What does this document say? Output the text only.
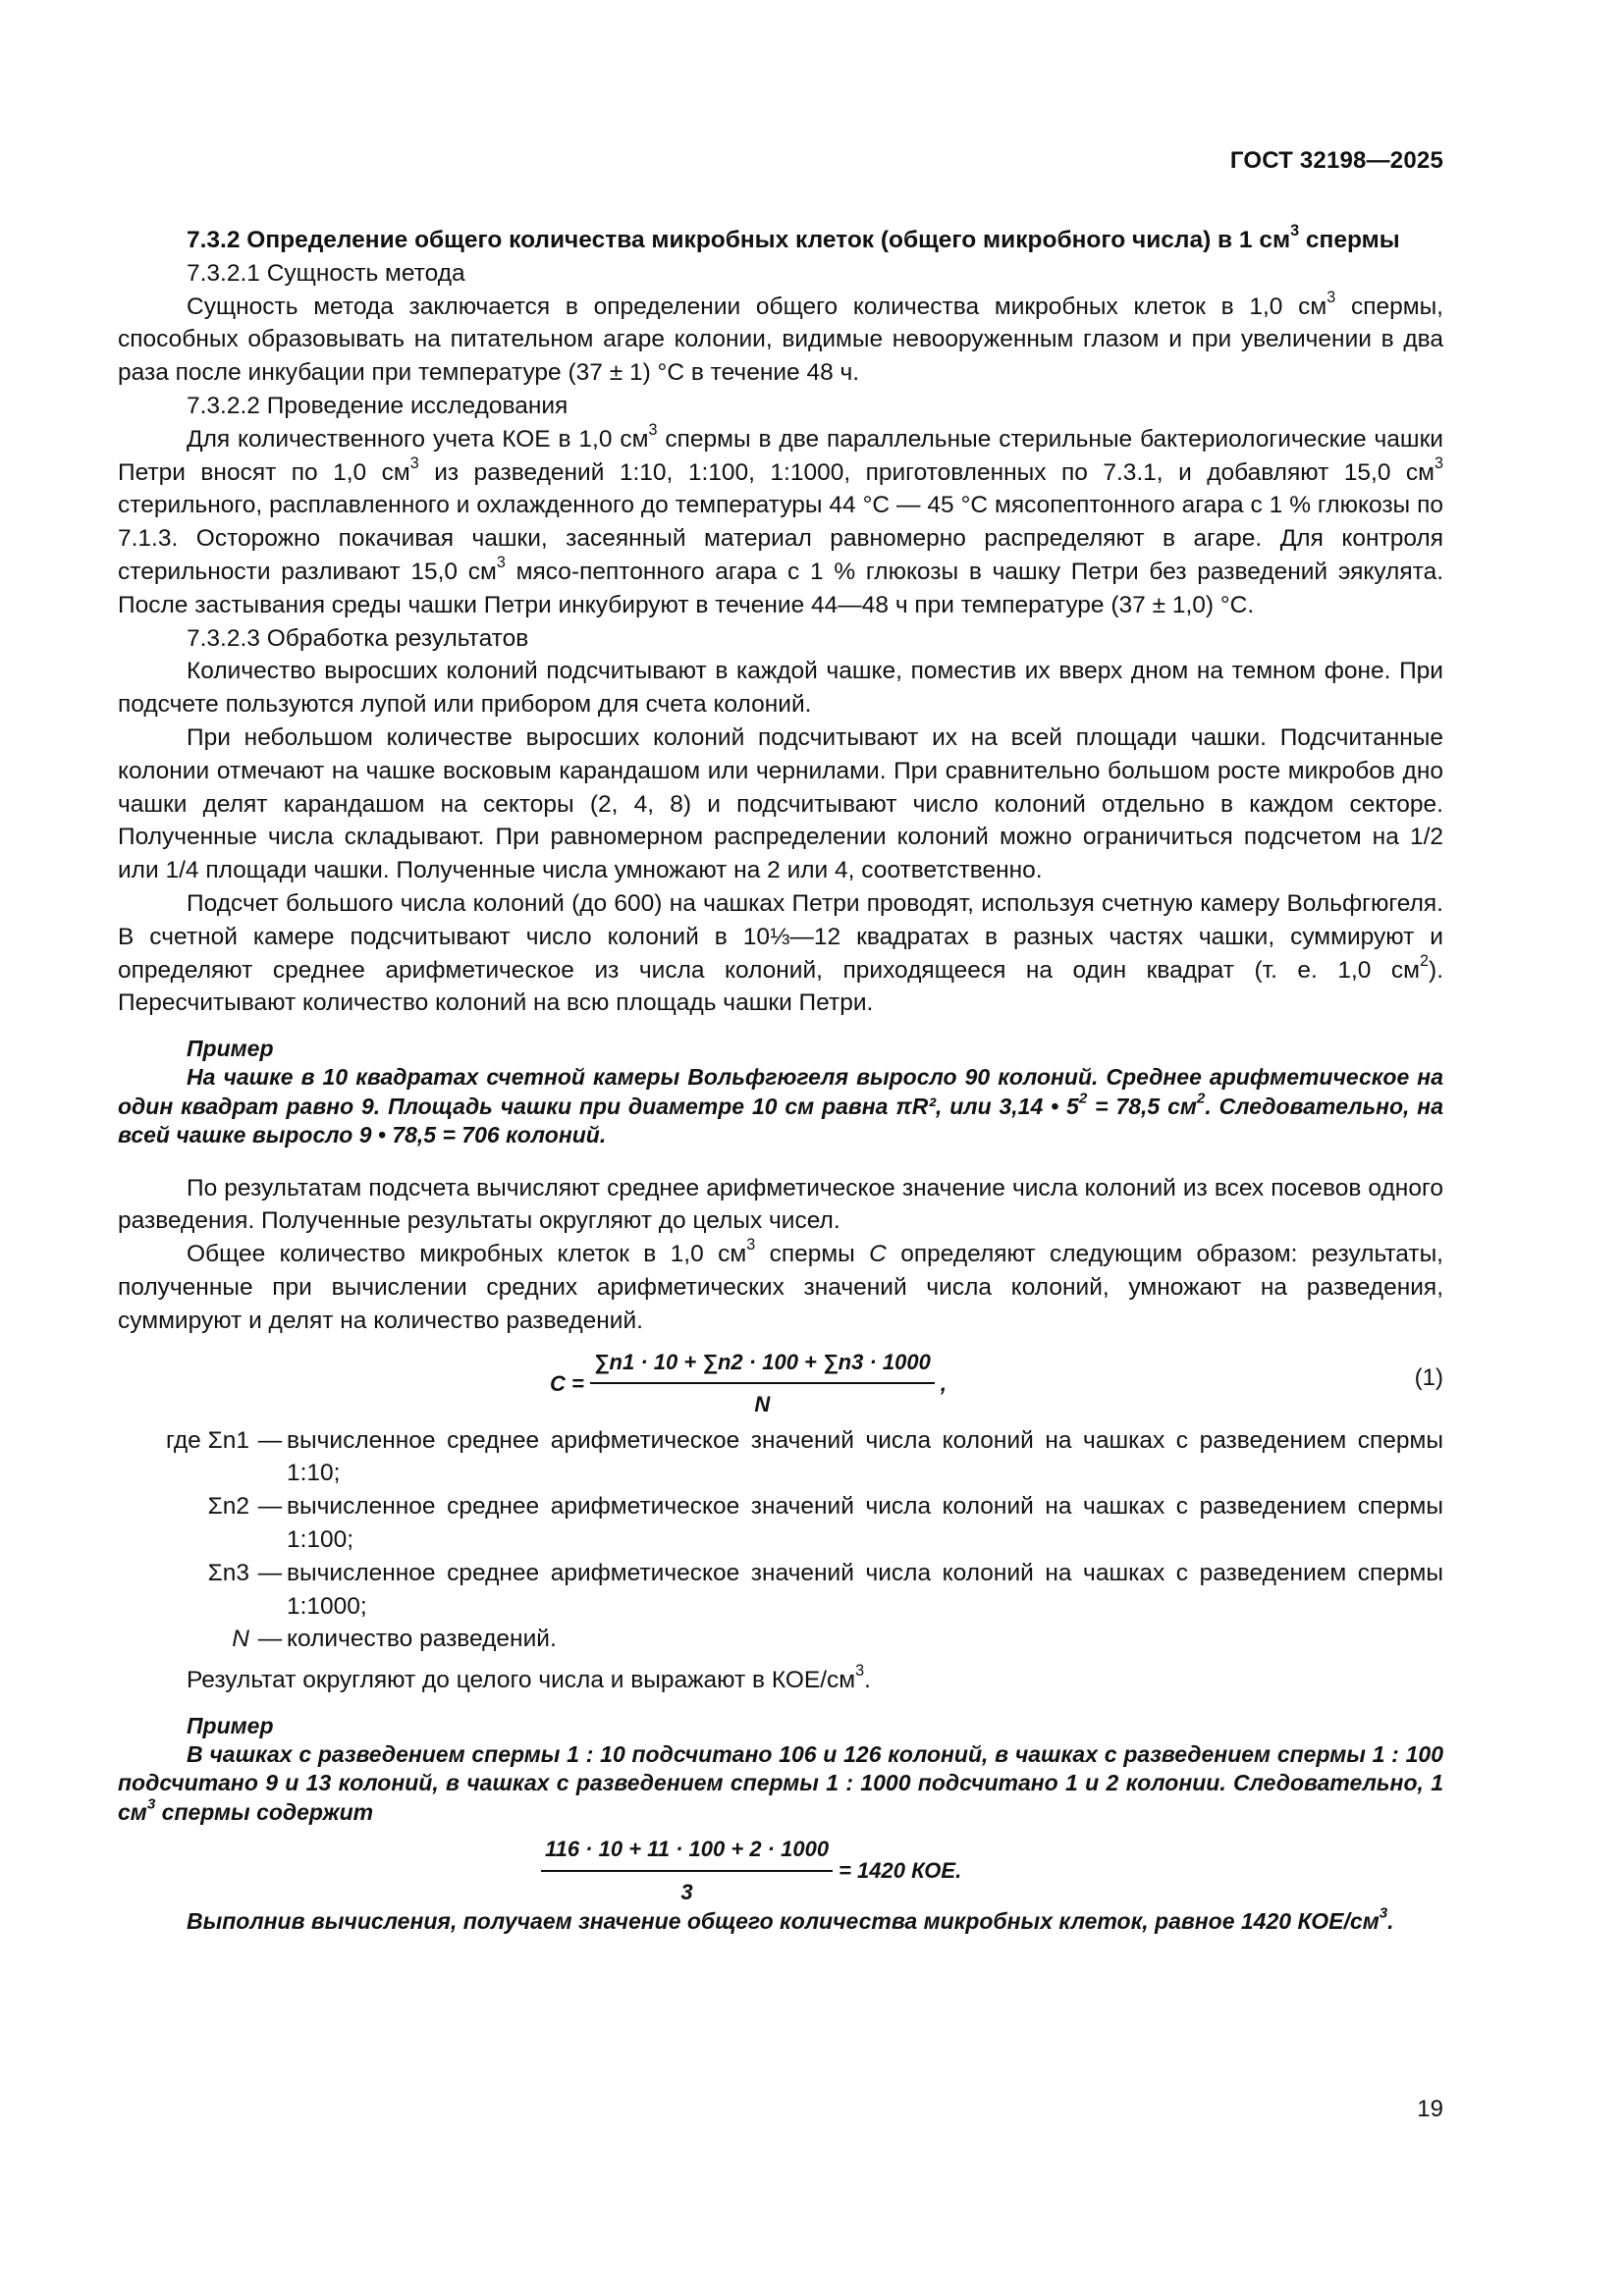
ГОСТ 32198—2025

7.3.2 Определение общего количества микробных клеток (общего микробного числа) в 1 $см^3$ спермы

7.3.2.1 Сущность метода

Сущность метода заключается в определении общего количества микробных клеток в 1,0 $см^3$ спермы, способных образовывать на питательном агаре колонии, видимые невооруженным глазом и при увеличении в два раза после инкубации при температуре (37 ± 1) °С в течение 48 ч.

7.3.2.2 Проведение исследования

Для количественного учета КОЕ в 1,0 $см^3$ спермы в две параллельные стерильные бактериологические чашки Петри вносят по 1,0 $см^3$ из разведений 1:10, 1:100, 1:1000, приготовленных по 7.3.1, и добавляют 15,0 $см^3$ стерильного, расплавленного и охлажденного до температуры 44 °С — 45 °С мясопептонного агара с 1 % глюкозы по 7.1.3. Осторожно покачивая чашки, засеянный материал равномерно распределяют в агаре. Для контроля стерильности разливают 15,0 $см^3$ мясо-пептонного агара с 1 % глюкозы в чашку Петри без разведений эякулята. После застывания среды чашки Петри инкубируют в течение 44—48 ч при температуре (37 ± 1,0) °С.

7.3.2.3 Обработка результатов

Количество выросших колоний подсчитывают в каждой чашке, поместив их вверх дном на темном фоне. При подсчете пользуются лупой или прибором для счета колоний.

При небольшом количестве выросших колоний подсчитывают их на всей площади чашки. Подсчитанные колонии отмечают на чашке восковым карандашом или чернилами. При сравнительно большом росте микробов дно чашки делят карандашом на секторы (2, 4, 8) и подсчитывают число колоний отдельно в каждом секторе. Полученные числа складывают. При равномерном распределении колоний можно ограничиться подсчетом на 1/2 или 1/4 площади чашки. Полученные числа умножают на 2 или 4, соответственно.

Подсчет большого числа колоний (до 600) на чашках Петри проводят, используя счетную камеру Вольфгюгеля. В счетной камере подсчитывают число колоний в 10⅓—12 квадратах в разных частях чашки, суммируют и определяют среднее арифметическое из числа колоний, приходящееся на один квадрат (т. е. 1,0 $см^2$). Пересчитывают количество колоний на всю площадь чашки Петри.

Пример

На чашке в 10 квадратах счетной камеры Вольфгюгеля выросло 90 колоний. Среднее арифметическое на один квадрат равно 9. Площадь чашки при диаметре 10 см равна πR², или 3,14 • $5^2 = 78,5$ $см^2$. Следовательно, на всей чашке выросло 9 • 78,5 = 706 колоний.

По результатам подсчета вычисляют среднее арифметическое значение числа колоний из всех посевов одного разведения. Полученные результаты округляют до целых чисел.

Общее количество микробных клеток в 1,0 $см^3$ спермы С определяют следующим образом: результаты, полученные при вычислении средних арифметических значений числа колоний, умножают на разведения, суммируют и делят на количество разведений.

$C = \frac{\sum n1 \cdot 10 + \sum n2 \cdot 100 + \sum n3 \cdot 1000}{N}$ ,	(1)
где Σn1 — вычисленное среднее арифметическое значений числа колоний на чашках с разведением спермы 1:10;
Σn2 — вычисленное среднее арифметическое значений числа колоний на чашках с разведением спермы 1:100;
Σn3 — вычисленное среднее арифметическое значений числа колоний на чашках с разведением спермы 1:1000;
N — количество разведений.

Результат округляют до целого числа и выражают в КОЕ/$см^3$.

Пример

В чашках с разведением спермы 1 : 10 подсчитано 106 и 126 колоний, в чашках с разведением спермы 1 : 100 подсчитано 9 и 13 колоний, в чашках с разведением спермы 1 : 1000 подсчитано 1 и 2 колонии. Следовательно, 1 $см^3$ спермы содержит

$\frac{116 \cdot 10 + 11 \cdot 100 + 2 \cdot 1000}{3} = 1420$ КОЕ.

Выполнив вычисления, получаем значение общего количества микробных клеток, равное 1420 КОЕ/$см^3$.

19
